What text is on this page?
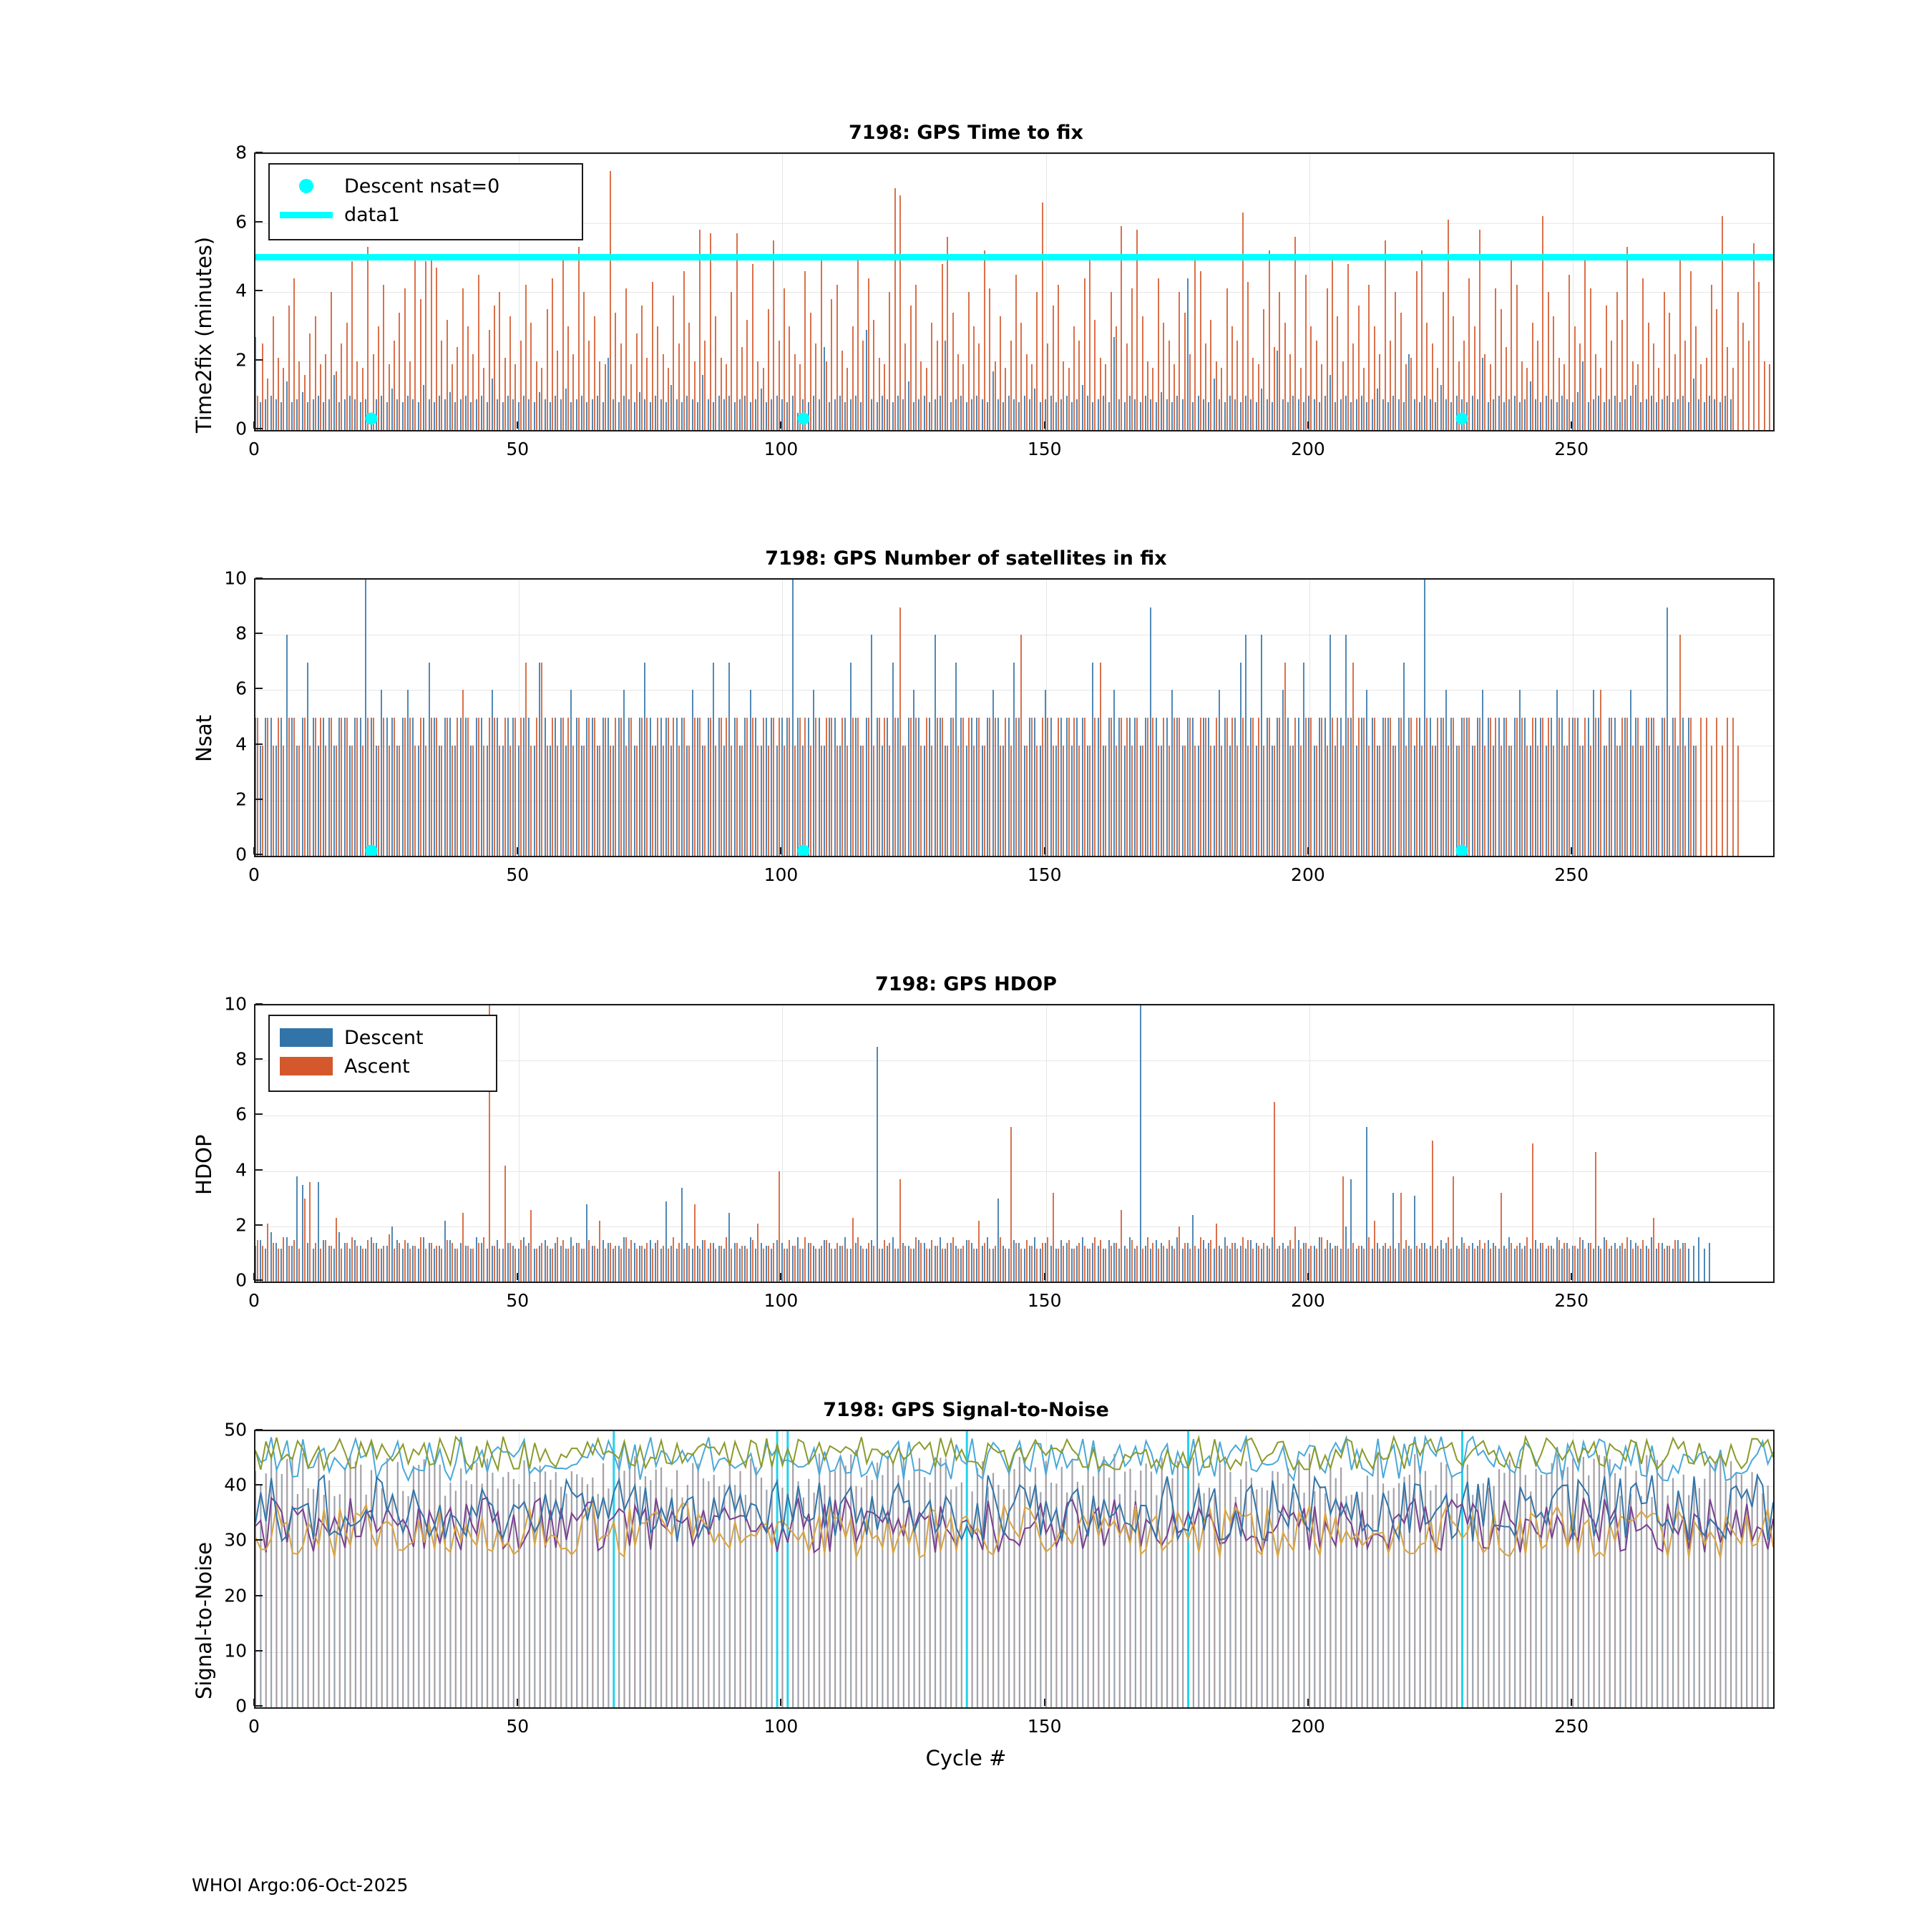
7198: GPS Time to fix
Time2fix (minutes)
0	50	100	150	200	250
0
2
4
6
8
Descent nsat=0
data1
7198: GPS Number of satellites in fix
Nsat
0	50	100	150	200	250
0
2
4
6
8
10
7198: GPS HDOP
HDOP
0	50	100	150	200	250
0
2
4
6
8
10
Descent
Ascent
7198: GPS Signal-to-Noise
Signal-to-Noise
0	50	100	150	200	250
0
10
20
30
40
50
Cycle #
WHOI Argo:06-Oct-2025
